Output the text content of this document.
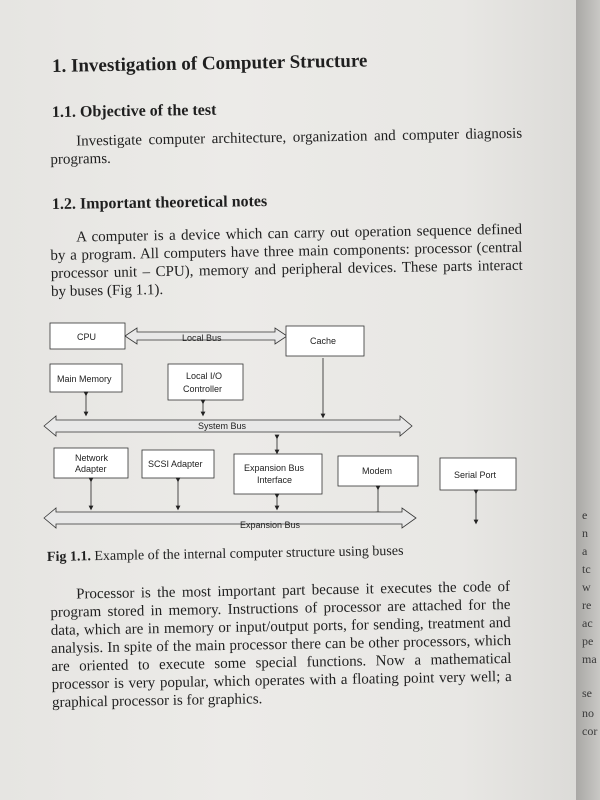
1. Investigation of Computer Structure
1.1. Objective of the test

Investigate computer architecture, organization and computer diagnosis programs.

1.2. Important theoretical notes

A computer is a device which can carry out operation sequence defined by a program. All computers have three main components: processor (central processor unit – CPU), memory and peripheral devices. These parts interact by buses (Fig 1.1).

Local Bus
CPU	Cache
Main Memory	Local I/O
Controller
System Bus
Network
Adapter	SCSI Adapter	Expansion Bus
Interface
Modem
Expansion Bus
Serial Port
Fig 1.1. Example of the internal computer structure using buses

Processor is the most important part because it executes the code of program stored in memory. Instructions of processor are attached for the data, which are in memory or input/output ports, for sending, treatment and analysis. In spite of the main processor there can be other processors, which are oriented to execute some special functions. Now a mathematical processor is very popular, which operates with a floating point very well; a graphical processor is for graphics.

e
n
a
tc
w
re
ac
pe
ma
se
no
cor
